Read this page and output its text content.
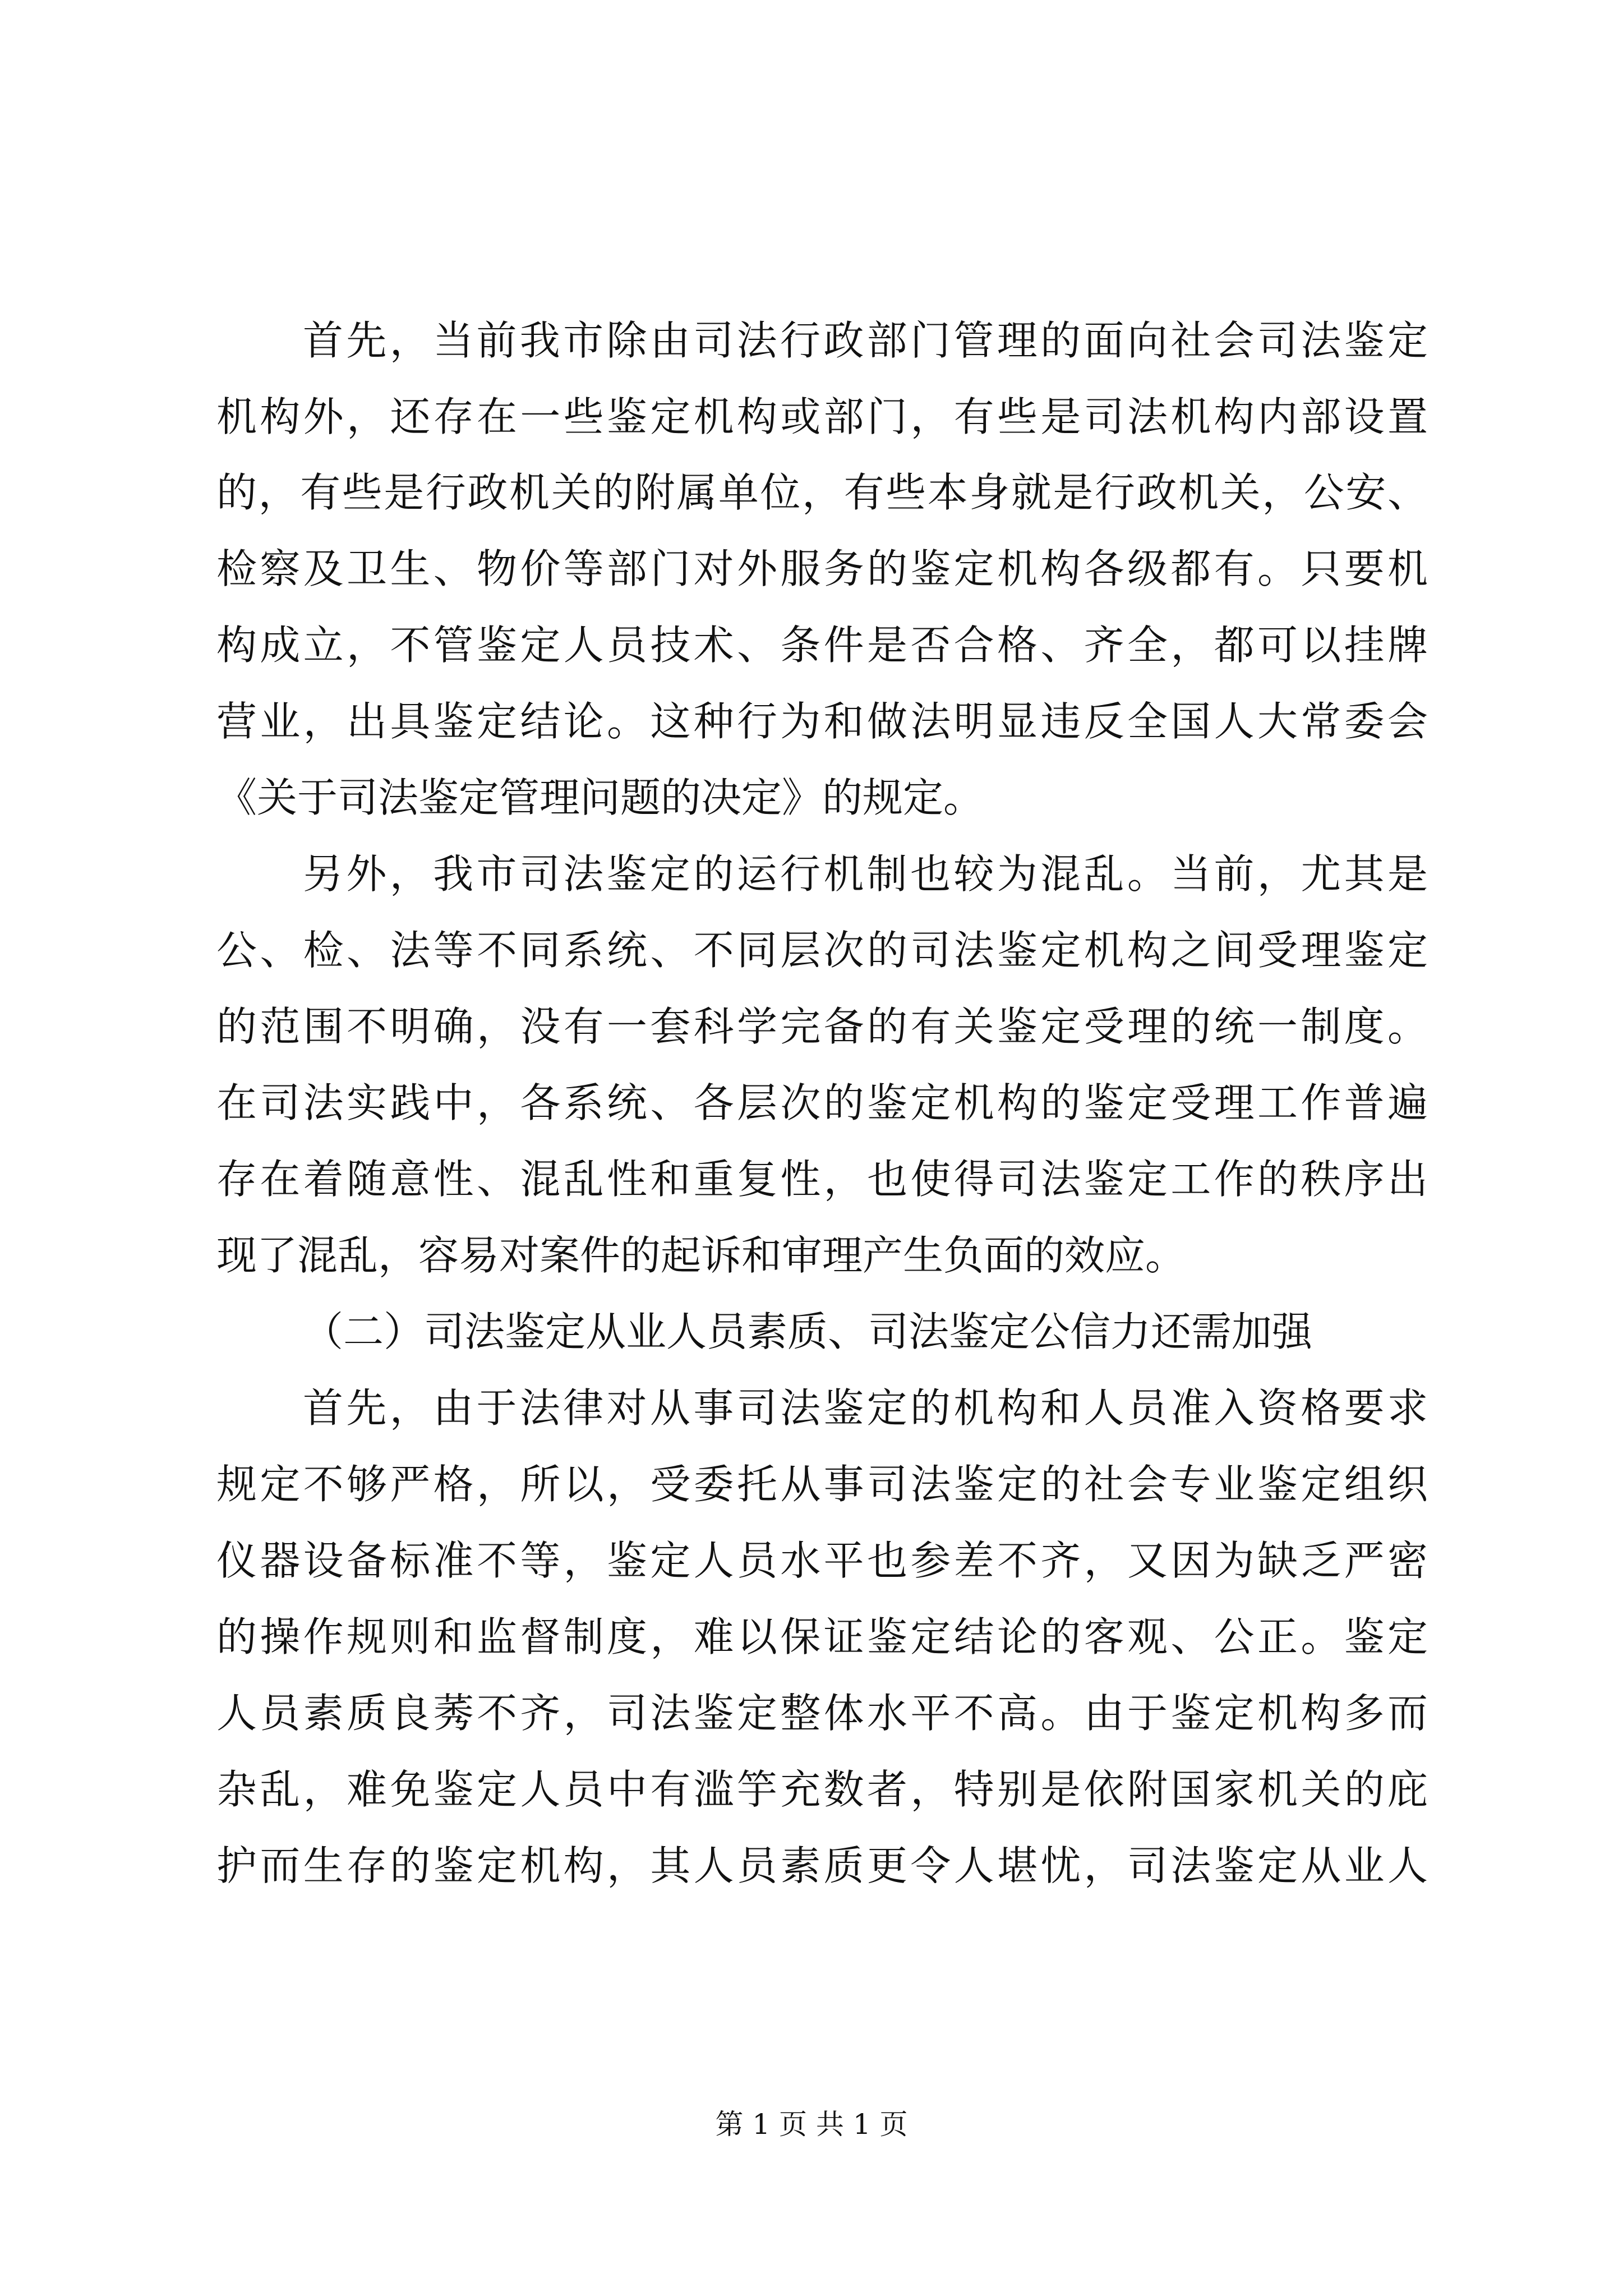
首先，当前我市除由司法行政部门管理的面向社会司法鉴定
机构外，还存在一些鉴定机构或部门，有些是司法机构内部设置
的，有些是行政机关的附属单位，有些本身就是行政机关，公安、
检察及卫生、物价等部门对外服务的鉴定机构各级都有。只要机
构成立，不管鉴定人员技术、条件是否合格、齐全，都可以挂牌
营业，出具鉴定结论。这种行为和做法明显违反全国人大常委会
《关于司法鉴定管理问题的决定》的规定。
另外，我市司法鉴定的运行机制也较为混乱。当前，尤其是
公、检、法等不同系统、不同层次的司法鉴定机构之间受理鉴定
的范围不明确，没有一套科学完备的有关鉴定受理的统一制度。
在司法实践中，各系统、各层次的鉴定机构的鉴定受理工作普遍
存在着随意性、混乱性和重复性，也使得司法鉴定工作的秩序出
现了混乱，容易对案件的起诉和审理产生负面的效应。
（二）司法鉴定从业人员素质、司法鉴定公信力还需加强
首先，由于法律对从事司法鉴定的机构和人员准入资格要求
规定不够严格，所以，受委托从事司法鉴定的社会专业鉴定组织
仪器设备标准不等，鉴定人员水平也参差不齐，又因为缺乏严密
的操作规则和监督制度，难以保证鉴定结论的客观、公正。鉴定
人员素质良莠不齐，司法鉴定整体水平不高。由于鉴定机构多而
杂乱，难免鉴定人员中有滥竽充数者，特别是依附国家机关的庇
护而生存的鉴定机构，其人员素质更令人堪忧，司法鉴定从业人
第 1 页 共 1 页
